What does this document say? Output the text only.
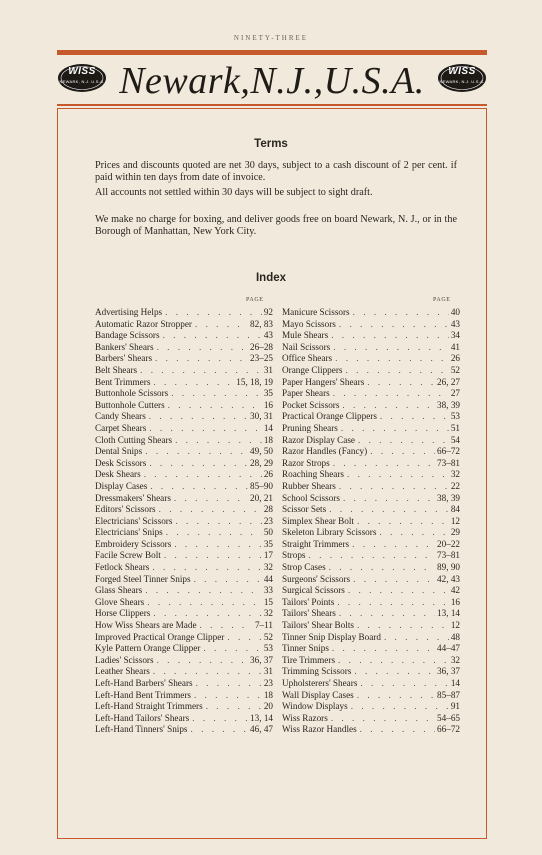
NINETY-THREE
WISS
NEWARK, N.J. U.S.A. Newark,N.J.,U.S.A.	WISS
NEWARK, N.J. U.S.A.
Terms

Prices and discounts quoted are net 30 days, subject to a cash discount of 2 per cent. if paid within ten days from date of invoice.

All accounts not settled within 30 days will be subject to sight draft.

We make no charge for boxing, and deliver goods free on board Newark, N. J., or in the Borough of Manhattan, New York City.

Index
PAGE	PAGE
Advertising Helps . . .	92
Automatic Razor Stropper . . .	82, 83
Bandage Scissors . . .	43
Bankers' Shears . . .	26–28
Barbers' Shears . . .	23–25
Belt Shears . . .	31
Bent Trimmers . . .	15, 18, 19
Buttonhole Scissors . . .	35
Buttonhole Cutters . . .	16
Candy Shears . . .	30, 31
Carpet Shears . . .	14
Cloth Cutting Shears . . .	18
Dental Snips . . .	49, 50
Desk Scissors . . .	28, 29
Desk Shears . . .	26
Display Cases . . .	85–90
Dressmakers' Shears . . .	20, 21
Editors' Scissors . . .	28
Electricians' Scissors . . .	23
Electricians' Snips . . .	50
Embroidery Scissors . . .	35
Facile Screw Bolt . . .	17
Fetlock Shears . . .	32
Forged Steel Tinner Snips . . .	44
Glass Shears . . .	33
Glove Shears . . .	15
Horse Clippers . . .	32
How Wiss Shears are Made . . .	7–11
Improved Practical Orange Clipper . . .	52
Kyle Pattern Orange Clipper . . .	53
Ladies' Scissors . . .	36, 37
Leather Shears . . .	31
Left-Hand Barbers' Shears . . .	23
Left-Hand Bent Trimmers . . .	18
Left-Hand Straight Trimmers . . .	20
Left-Hand Tailors' Shears . . .	13, 14
Left-Hand Tinners' Snips . . .	46, 47
Manicure Scissors . . .	40
Mayo Scissors . . .	43
Mule Shears . . .	34
Nail Scissors . . .	41
Office Shears . . .	26
Orange Clippers . . .	52
Paper Hangers' Shears . . .	26, 27
Paper Shears . . .	27
Pocket Scissors . . .	38, 39
Practical Orange Clippers . . .	53
Pruning Shears . . .	51
Razor Display Case . . .	54
Razor Handles (Fancy) . . .	66–72
Razor Strops . . .	73–81
Roaching Shears . . .	32
Rubber Shears . . .	22
School Scissors . . .	38, 39
Scissor Sets . . .	84
Simplex Shear Bolt . . .	12
Skeleton Library Scissors . . .	29
Straight Trimmers . . .	20–22
Strops . . .	73–81
Strop Cases . . .	89, 90
Surgeons' Scissors . . .	42, 43
Surgical Scissors . . .	42
Tailors' Points . . .	16
Tailors' Shears . . .	13, 14
Tailors' Shear Bolts . . .	12
Tinner Snip Display Board . . .	48
Tinner Snips . . .	44–47
Tire Trimmers . . .	32
Trimming Scissors . . .	36, 37
Upholsterers' Shears . . .	14
Wall Display Cases . . .	85–87
Window Displays . . .	91
Wiss Razors . . .	54–65
Wiss Razor Handles . . .	66–72
